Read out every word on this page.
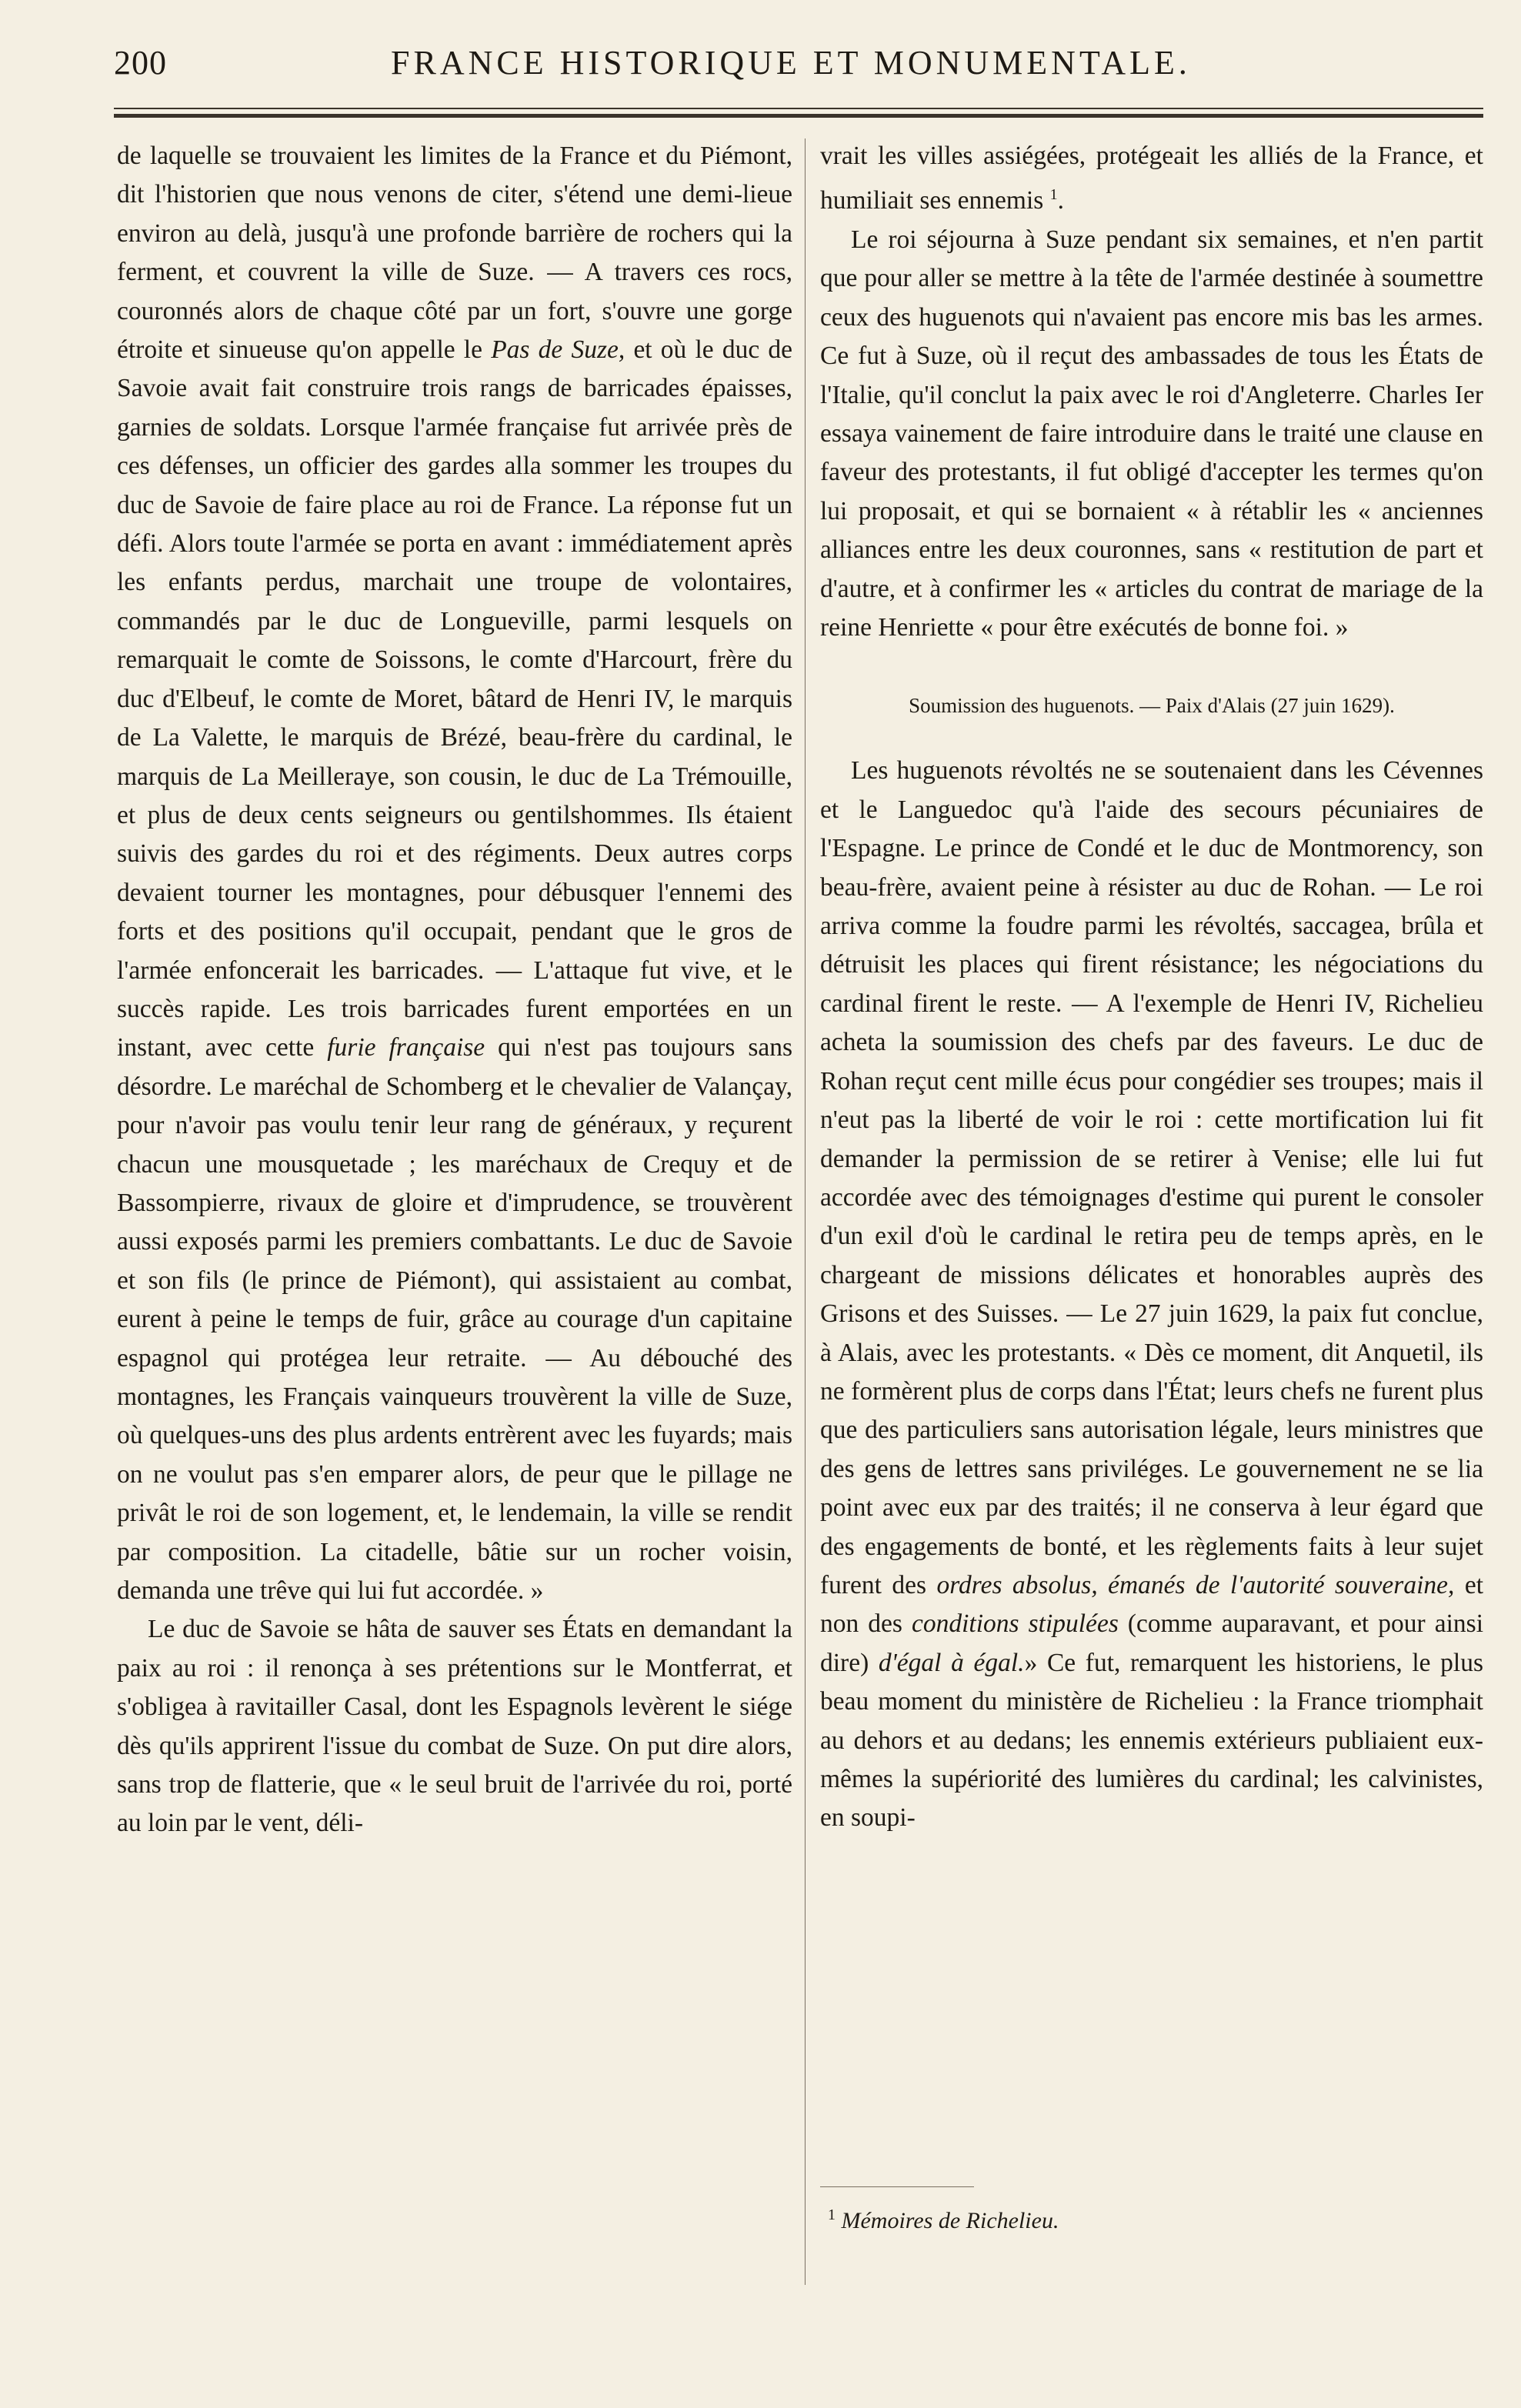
200	FRANCE HISTORIQUE ET MONUMENTALE.

de laquelle se trouvaient les limites de la France et du Piémont, dit l'historien que nous venons de citer, s'étend une demi-lieue environ au delà, jusqu'à une profonde barrière de rochers qui la ferment, et couvrent la ville de Suze. — A travers ces rocs, couronnés alors de chaque côté par un fort, s'ouvre une gorge étroite et sinueuse qu'on appelle le Pas de Suze, et où le duc de Savoie avait fait construire trois rangs de barricades épaisses, garnies de soldats. Lorsque l'armée française fut arrivée près de ces défenses, un officier des gardes alla sommer les troupes du duc de Savoie de faire place au roi de France. La réponse fut un défi. Alors toute l'armée se porta en avant : immédiatement après les enfants perdus, marchait une troupe de volontaires, commandés par le duc de Longueville, parmi lesquels on remarquait le comte de Soissons, le comte d'Harcourt, frère du duc d'Elbeuf, le comte de Moret, bâtard de Henri IV, le marquis de La Valette, le marquis de Brézé, beau-frère du cardinal, le marquis de La Meilleraye, son cousin, le duc de La Trémouille, et plus de deux cents seigneurs ou gentilshommes. Ils étaient suivis des gardes du roi et des régiments. Deux autres corps devaient tourner les montagnes, pour débusquer l'ennemi des forts et des positions qu'il occupait, pendant que le gros de l'armée enfoncerait les barricades. — L'attaque fut vive, et le succès rapide. Les trois barricades furent emportées en un instant, avec cette furie française qui n'est pas toujours sans désordre. Le maréchal de Schomberg et le chevalier de Valançay, pour n'avoir pas voulu tenir leur rang de généraux, y reçurent chacun une mousquetade ; les maréchaux de Crequy et de Bassompierre, rivaux de gloire et d'imprudence, se trouvèrent aussi exposés parmi les premiers combattants. Le duc de Savoie et son fils (le prince de Piémont), qui assistaient au combat, eurent à peine le temps de fuir, grâce au courage d'un capitaine espagnol qui protégea leur retraite. — Au débouché des montagnes, les Français vainqueurs trouvèrent la ville de Suze, où quelques-uns des plus ardents entrèrent avec les fuyards; mais on ne voulut pas s'en emparer alors, de peur que le pillage ne privât le roi de son logement, et, le lendemain, la ville se rendit par composition. La citadelle, bâtie sur un rocher voisin, demanda une trêve qui lui fut accordée. »

Le duc de Savoie se hâta de sauver ses États en demandant la paix au roi : il renonça à ses prétentions sur le Montferrat, et s'obligea à ravitailler Casal, dont les Espagnols levèrent le siége dès qu'ils apprirent l'issue du combat de Suze. On put dire alors, sans trop de flatterie, que « le seul bruit de l'arrivée du roi, porté au loin par le vent, déli-

vrait les villes assiégées, protégeait les alliés de la France, et humiliait ses ennemis $^1$.

Le roi séjourna à Suze pendant six semaines, et n'en partit que pour aller se mettre à la tête de l'armée destinée à soumettre ceux des huguenots qui n'avaient pas encore mis bas les armes. Ce fut à Suze, où il reçut des ambassades de tous les États de l'Italie, qu'il conclut la paix avec le roi d'Angleterre. Charles Ier essaya vainement de faire introduire dans le traité une clause en faveur des protestants, il fut obligé d'accepter les termes qu'on lui proposait, et qui se bornaient « à rétablir les « anciennes alliances entre les deux couronnes, sans « restitution de part et d'autre, et à confirmer les « articles du contrat de mariage de la reine Henriette « pour être exécutés de bonne foi. »

Soumission des huguenots. — Paix d'Alais (27 juin 1629).

Les huguenots révoltés ne se soutenaient dans les Cévennes et le Languedoc qu'à l'aide des secours pécuniaires de l'Espagne. Le prince de Condé et le duc de Montmorency, son beau-frère, avaient peine à résister au duc de Rohan. — Le roi arriva comme la foudre parmi les révoltés, saccagea, brûla et détruisit les places qui firent résistance; les négociations du cardinal firent le reste. — A l'exemple de Henri IV, Richelieu acheta la soumission des chefs par des faveurs. Le duc de Rohan reçut cent mille écus pour congédier ses troupes; mais il n'eut pas la liberté de voir le roi : cette mortification lui fit demander la permission de se retirer à Venise; elle lui fut accordée avec des témoignages d'estime qui purent le consoler d'un exil d'où le cardinal le retira peu de temps après, en le chargeant de missions délicates et honorables auprès des Grisons et des Suisses. — Le 27 juin 1629, la paix fut conclue, à Alais, avec les protestants. « Dès ce moment, dit Anquetil, ils ne formèrent plus de corps dans l'État; leurs chefs ne furent plus que des particuliers sans autorisation légale, leurs ministres que des gens de lettres sans priviléges. Le gouvernement ne se lia point avec eux par des traités; il ne conserva à leur égard que des engagements de bonté, et les règlements faits à leur sujet furent des ordres absolus, émanés de l'autorité souveraine, et non des conditions stipulées (comme auparavant, et pour ainsi dire) d'égal à égal.» Ce fut, remarquent les historiens, le plus beau moment du ministère de Richelieu : la France triomphait au dehors et au dedans; les ennemis extérieurs publiaient eux-mêmes la supériorité des lumières du cardinal; les calvinistes, en soupi-

$^1$ Mémoires de Richelieu.
